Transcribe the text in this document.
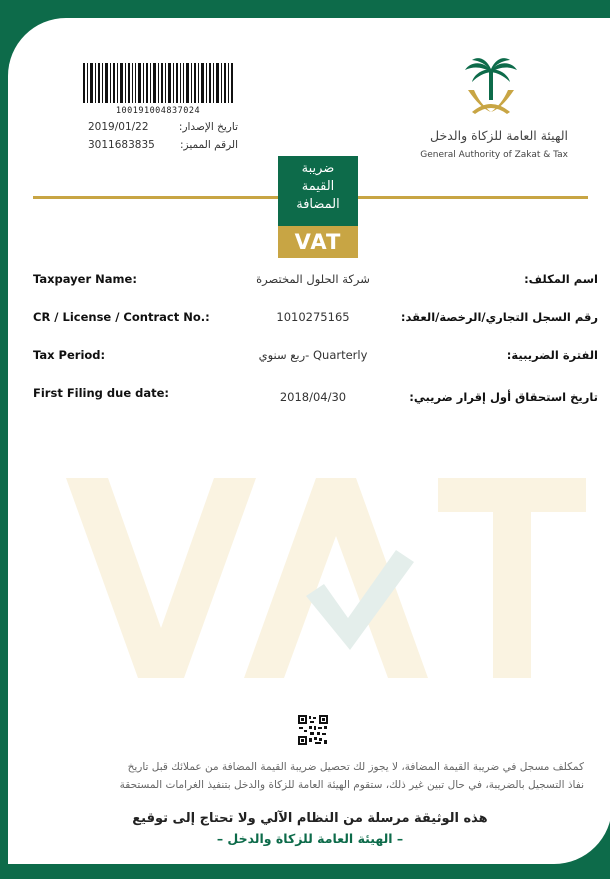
100191004837024
2019/01/22	تاريخ الإصدار:
3011683835 الرقم المميز:
الهيئة العامة للزكاة والدخل
General Authority of Zakat & Tax
ضريبة
القيمة
المضافة
VAT
Taxpayer Name:	شركة الحلول المختصرة	اسم المكلف:
CR / License / Contract No.:	1010275165	رقم السجل التجاري/الرخصة/العقد:
Tax Period:	ربع سنوي- Quarterly	الفترة الضريبية:
First Filing due date:	2018/04/30	تاريخ استحقاق أول إقرار ضريبي:
كمكلف مسجل في ضريبة القيمة المضافة، لا يجوز لك تحصيل ضريبة القيمة المضافة من عملائك قبل تاريخ
نفاذ التسجيل بالضريبة، في حال تبين غير ذلك، ستقوم الهيئة العامة للزكاة والدخل بتنفيذ الغرامات المستحقة
هذه الوثيقة مرسلة من النظام الآلي ولا تحتاج إلى توقيع
– الهيئة العامة للزكاة والدخل –
